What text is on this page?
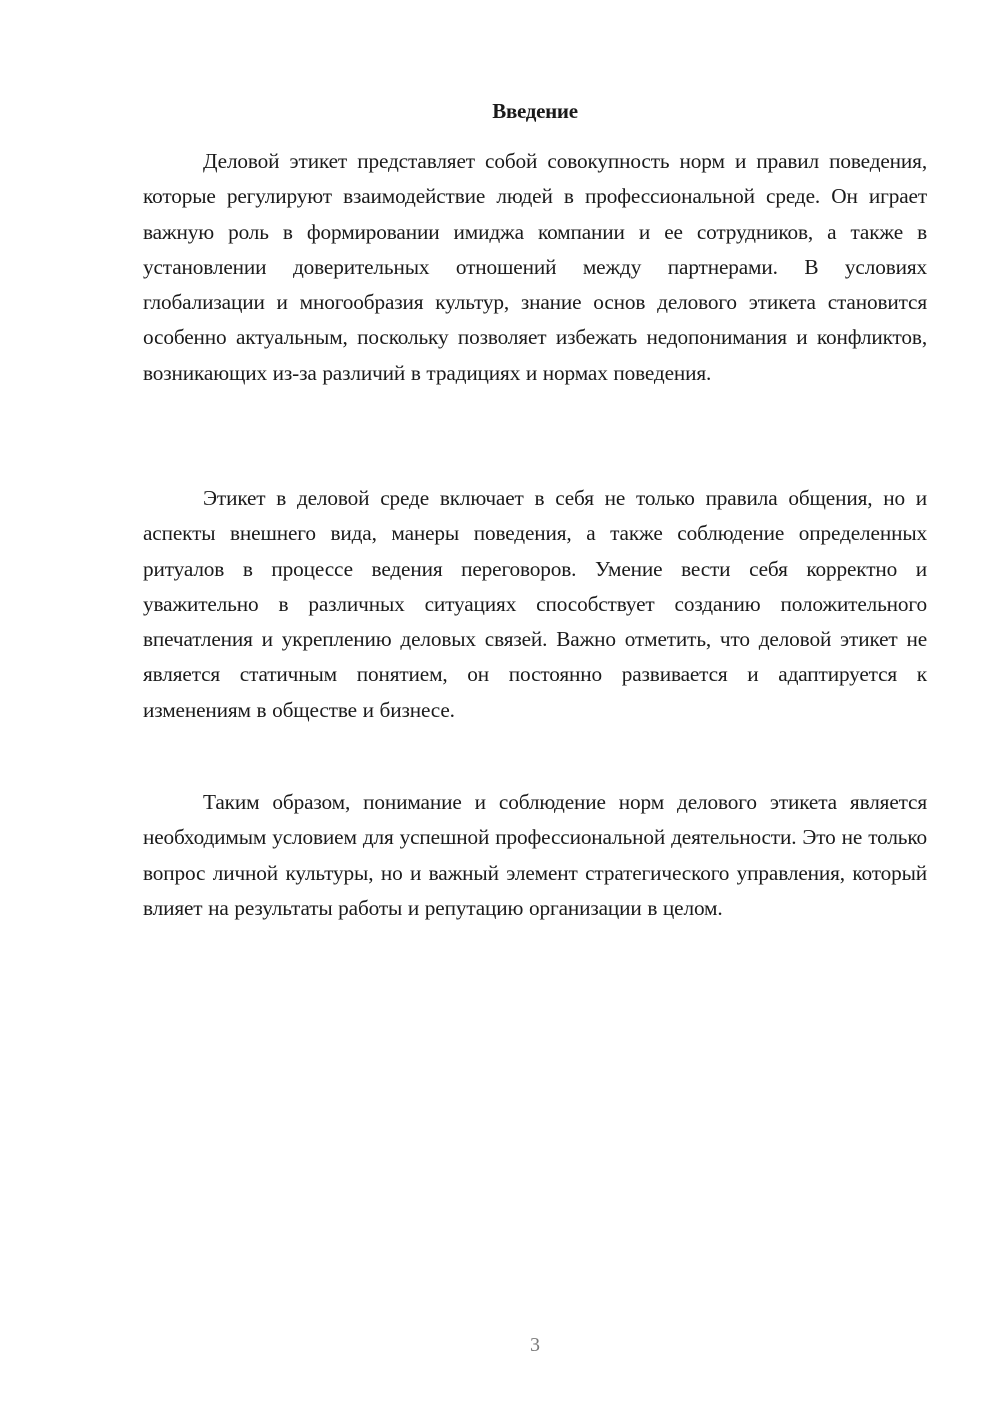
Введение

Деловой этикет представляет собой совокупность норм и правил поведения, которые регулируют взаимодействие людей в профессиональной среде. Он играет важную роль в формировании имиджа компании и ее сотрудников, а также в установлении доверительных отношений между партнерами. В условиях глобализации и многообразия культур, знание основ делового этикета становится особенно актуальным, поскольку позволяет избежать недопонимания и конфликтов, возникающих из-за различий в традициях и нормах поведения.

Этикет в деловой среде включает в себя не только правила общения, но и аспекты внешнего вида, манеры поведения, а также соблюдение определенных ритуалов в процессе ведения переговоров. Умение вести себя корректно и уважительно в различных ситуациях способствует созданию положительного впечатления и укреплению деловых связей. Важно отметить, что деловой этикет не является статичным понятием, он постоянно развивается и адаптируется к изменениям в обществе и бизнесе.

Таким образом, понимание и соблюдение норм делового этикета является необходимым условием для успешной профессиональной деятельности. Это не только вопрос личной культуры, но и важный элемент стратегического управления, который влияет на результаты работы и репутацию организации в целом.

3
